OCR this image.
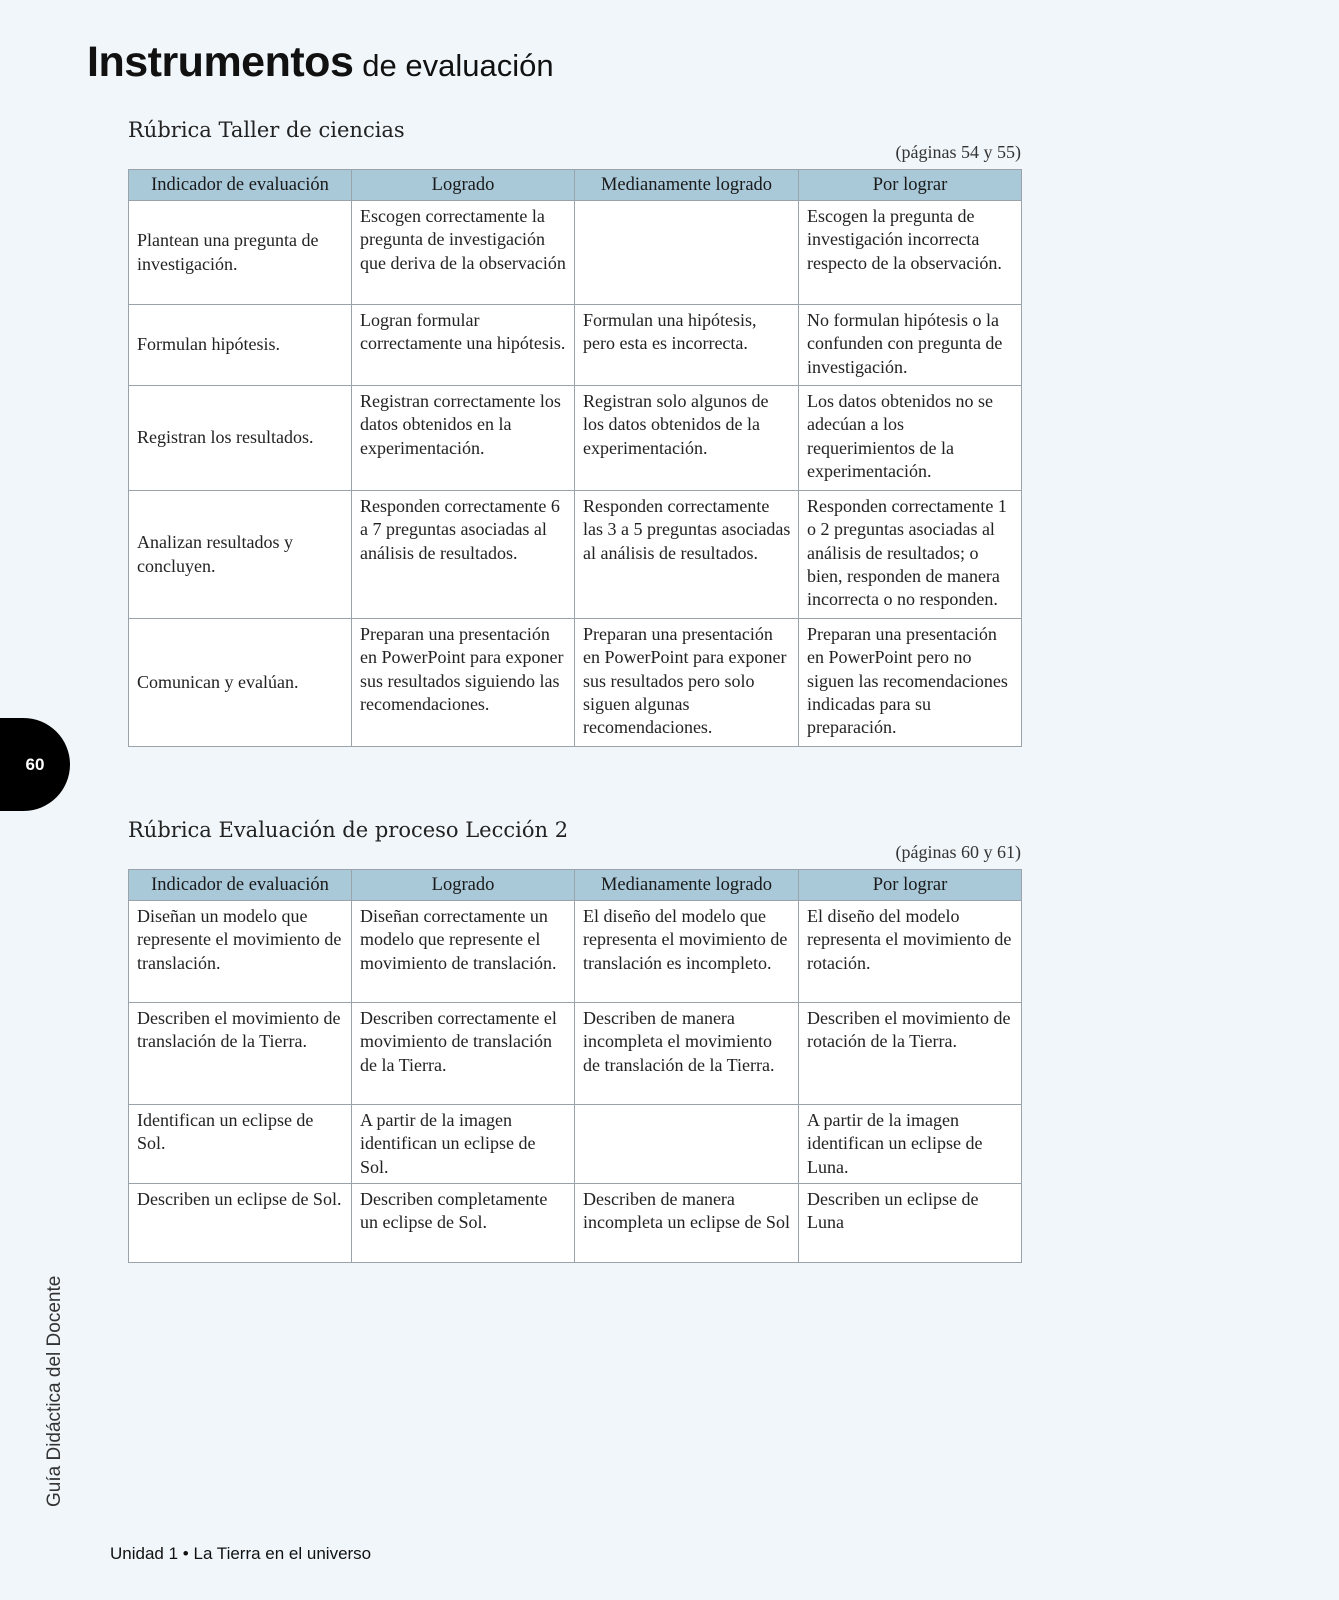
Instrumentos de evaluación
Rúbrica Taller de ciencias
(páginas 54 y 55)
Indicador de evaluación	Logrado	Medianamente logrado	Por lograr
Plantean una pregunta de investigación.	Escogen correctamente la pregunta de investigación que deriva de la observación		Escogen la pregunta de investigación incorrecta respecto de la observación.
Formulan hipótesis.	Logran formular correctamente una hipótesis.	Formulan una hipótesis, pero esta es incorrecta.	No formulan hipótesis o la confunden con pregunta de investigación.
Registran los resultados.	Registran correctamente los datos obtenidos en la experimentación.	Registran solo algunos de los datos obtenidos de la experimentación.	Los datos obtenidos no se adecúan a los requerimientos de la experimentación.
Analizan resultados y concluyen.	Responden correctamente 6 a 7 preguntas asociadas al análisis de resultados.	Responden correctamente las 3 a 5 preguntas asociadas al análisis de resultados.	Responden correctamente 1 o 2 preguntas asociadas al análisis de resultados; o bien, responden de manera incorrecta o no responden.
Comunican y evalúan.	Preparan una presentación en PowerPoint para exponer sus resultados siguiendo las recomendaciones.	Preparan una presentación en PowerPoint para exponer sus resultados pero solo siguen algunas recomendaciones.	Preparan una presentación en PowerPoint pero no siguen las recomendaciones indicadas para su preparación.
Rúbrica Evaluación de proceso Lección 2
(páginas 60 y 61)
Indicador de evaluación	Logrado	Medianamente logrado	Por lograr
Diseñan un modelo que represente el movimiento de translación.	Diseñan correctamente un modelo que represente el movimiento de translación.	El diseño del modelo que representa el movimiento de translación es incompleto.	El diseño del modelo representa el movimiento de rotación.
Describen el movimiento de translación de la Tierra.	Describen correctamente el movimiento de translación de la Tierra.	Describen de manera incompleta el movimiento de translación de la Tierra.	Describen el movimiento de rotación de la Tierra.
Identifican un eclipse de Sol.	A partir de la imagen identifican un eclipse de Sol.		A partir de la imagen identifican un eclipse de Luna.
Describen un eclipse de Sol.	Describen completamente un eclipse de Sol.	Describen de manera incompleta un eclipse de Sol	Describen un eclipse de Luna
60
Guía Didáctica del Docente
Unidad 1 • La Tierra en el universo
